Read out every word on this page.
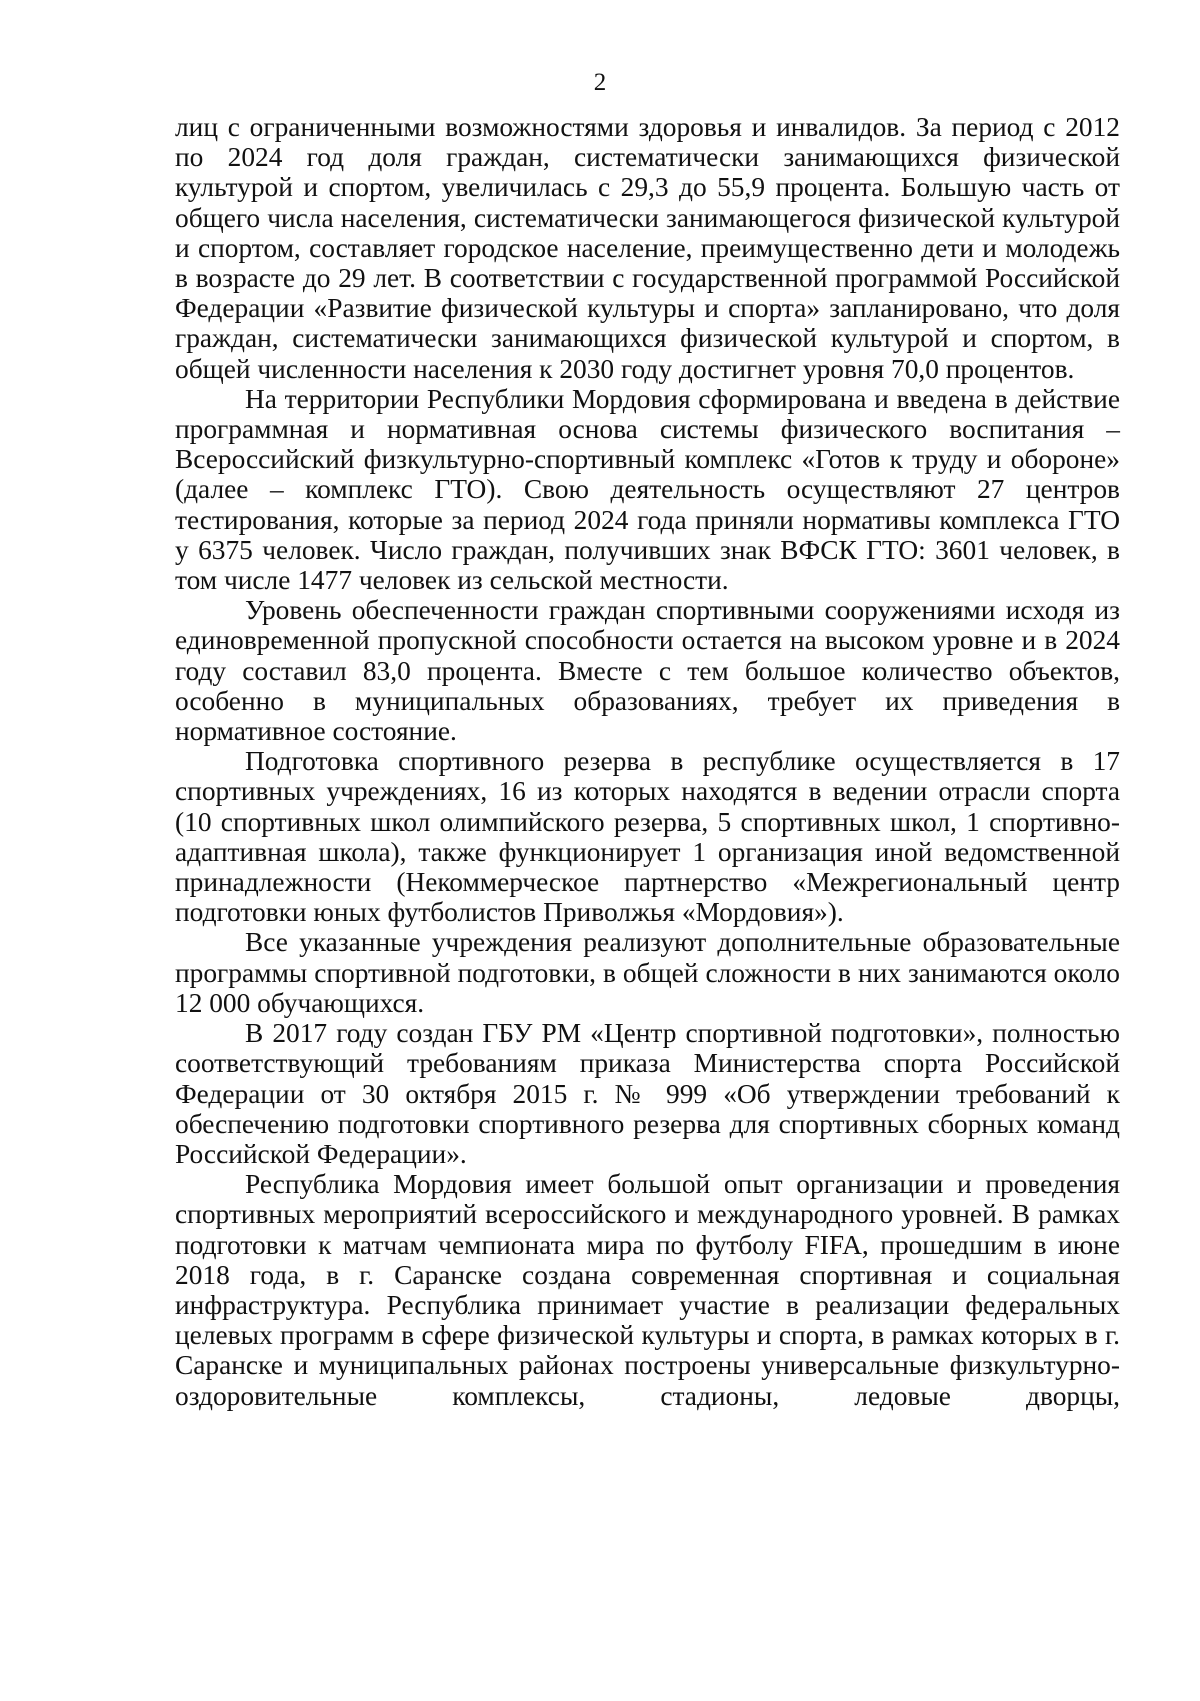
2

лиц с ограниченными возможностями здоровья и инвалидов. За период с 2012 по 2024 год доля граждан, систематически занимающихся физической культурой и спортом, увеличилась с 29,3 до 55,9 процента. Большую часть от общего числа населения, систематически занимающегося физической культурой и спортом, составляет городское население, преимущественно дети и молодежь в возрасте до 29 лет. В соответствии с государственной программой Российской Федерации «Развитие физической культуры и спорта» запланировано, что доля граждан, систематически занимающихся физической культурой и спортом, в общей численности населения к 2030 году достигнет уровня 70,0 процентов.

На территории Республики Мордовия сформирована и введена в действие программная и нормативная основа системы физического воспитания – Всероссийский физкультурно-спортивный комплекс «Готов к труду и обороне» (далее – комплекс ГТО). Свою деятельность осуществляют 27 центров тестирования, которые за период 2024 года приняли нормативы комплекса ГТО у 6375 человек. Число граждан, получивших знак ВФСК ГТО: 3601 человек, в том числе 1477 человек из сельской местности.

Уровень обеспеченности граждан спортивными сооружениями исходя из единовременной пропускной способности остается на высоком уровне и в 2024 году составил 83,0 процента. Вместе с тем большое количество объектов, особенно в муниципальных образованиях, требует их приведения в нормативное состояние.

Подготовка спортивного резерва в республике осуществляется в 17 спортивных учреждениях, 16 из которых находятся в ведении отрасли спорта (10 спортивных школ олимпийского резерва, 5 спортивных школ, 1 спортивно-адаптивная школа), также функционирует 1 организация иной ведомственной принадлежности (Некоммерческое партнерство «Межрегиональный центр подготовки юных футболистов Приволжья «Мордовия»).

Все указанные учреждения реализуют дополнительные образовательные программы спортивной подготовки, в общей сложности в них занимаются около 12 000 обучающихся.

В 2017 году создан ГБУ РМ «Центр спортивной подготовки», полностью соответствующий требованиям приказа Министерства спорта Российской Федерации от 30 октября 2015 г. № 999 «Об утверждении требований к обеспечению подготовки спортивного резерва для спортивных сборных команд Российской Федерации».

Республика Мордовия имеет большой опыт организации и проведения спортивных мероприятий всероссийского и международного уровней. В рамках подготовки к матчам чемпионата мира по футболу FIFA, прошедшим в июне 2018 года, в г. Саранске создана современная спортивная и социальная инфраструктура. Республика принимает участие в реализации федеральных целевых программ в сфере физической культуры и спорта, в рамках которых в г. Саранске и муниципальных районах построены универсальные физкультурно-оздоровительные комплексы, стадионы, ледовые дворцы,
